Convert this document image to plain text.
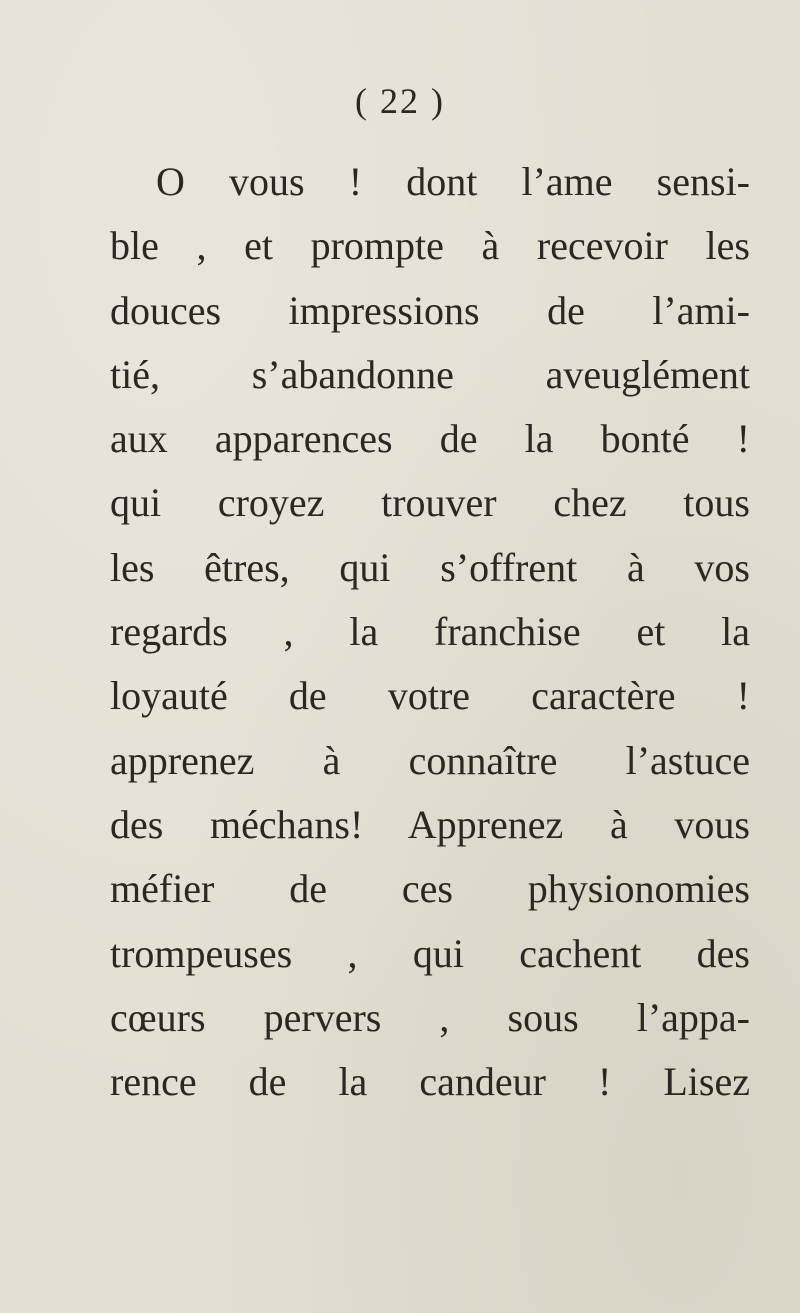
( 22 )
O vous ! dont l’ame sensi-
ble , et prompte à recevoir les
douces impressions de l’ami-
tié, s’abandonne aveuglément
aux apparences de la bonté !
qui croyez trouver chez tous
les êtres, qui s’offrent à vos
regards , la franchise et la
loyauté de votre caractère !
apprenez à connaître l’astuce
des méchans! Apprenez à vous
méfier de ces physionomies
trompeuses , qui cachent des
cœurs pervers , sous l’appa-
rence de la candeur ! Lisez
